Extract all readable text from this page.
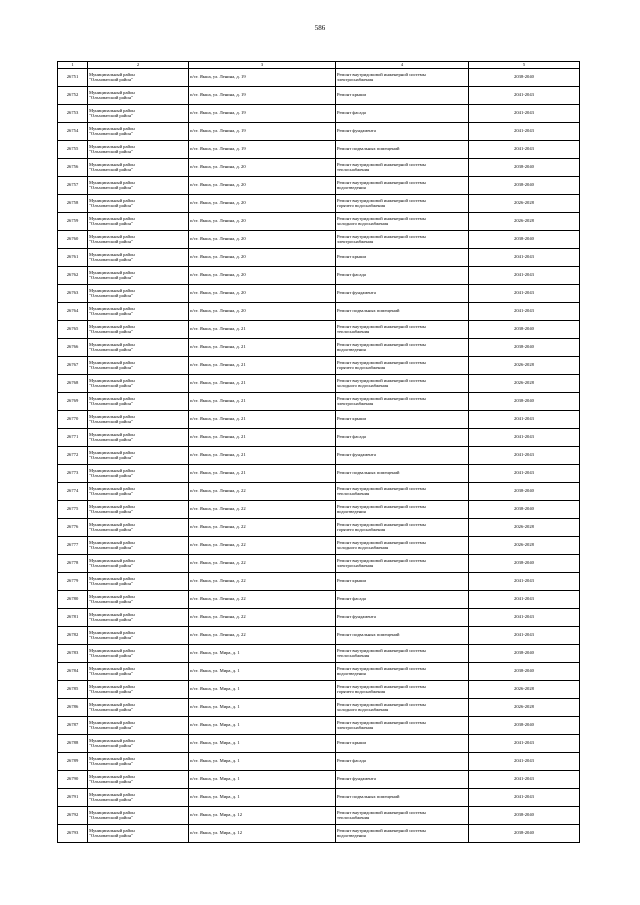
586
1	2	3	4	5
26751	Муниципальный район
"Ольховатский район"	п/ст. Якша, ул. Ленина, д. 19	Ремонт внутридомовой инженерной системы
электроснабжения	2038-2040
26752	Муниципальный район
"Ольховатский район"	п/ст. Якша, ул. Ленина, д. 19	Ремонт крыши	2041-2043
26753	Муниципальный район
"Ольховатский район"	п/ст. Якша, ул. Ленина, д. 19	Ремонт фасада	2041-2043
26754	Муниципальный район
"Ольховатский район"	п/ст. Якша, ул. Ленина, д. 19	Ремонт фундамента	2041-2043
26755	Муниципальный район
"Ольховатский район"	п/ст. Якша, ул. Ленина, д. 19	Ремонт подвальных помещений	2041-2043
26756	Муниципальный район
"Ольховатский район"	п/ст. Якша, ул. Ленина, д. 20	Ремонт внутридомовой инженерной системы
теплоснабжения	2038-2040
26757	Муниципальный район
"Ольховатский район"	п/ст. Якша, ул. Ленина, д. 20	Ремонт внутридомовой инженерной системы
водоотведения	2038-2040
26758	Муниципальный район
"Ольховатский район"	п/ст. Якша, ул. Ленина, д. 20	Ремонт внутридомовой инженерной системы
горячего водоснабжения	2026-2028
26759	Муниципальный район
"Ольховатский район"	п/ст. Якша, ул. Ленина, д. 20	Ремонт внутридомовой инженерной системы
холодного водоснабжения	2026-2028
26760	Муниципальный район
"Ольховатский район"	п/ст. Якша, ул. Ленина, д. 20	Ремонт внутридомовой инженерной системы
электроснабжения	2038-2040
26761	Муниципальный район
"Ольховатский район"	п/ст. Якша, ул. Ленина, д. 20	Ремонт крыши	2041-2043
26762	Муниципальный район
"Ольховатский район"	п/ст. Якша, ул. Ленина, д. 20	Ремонт фасада	2041-2043
26763	Муниципальный район
"Ольховатский район"	п/ст. Якша, ул. Ленина, д. 20	Ремонт фундамента	2041-2043
26764	Муниципальный район
"Ольховатский район"	п/ст. Якша, ул. Ленина, д. 20	Ремонт подвальных помещений	2041-2043
26765	Муниципальный район
"Ольховатский район"	п/ст. Якша, ул. Ленина, д. 21	Ремонт внутридомовой инженерной системы
теплоснабжения	2038-2040
26766	Муниципальный район
"Ольховатский район"	п/ст. Якша, ул. Ленина, д. 21	Ремонт внутридомовой инженерной системы
водоотведения	2038-2040
26767	Муниципальный район
"Ольховатский район"	п/ст. Якша, ул. Ленина, д. 21	Ремонт внутридомовой инженерной системы
горячего водоснабжения	2026-2028
26768	Муниципальный район
"Ольховатский район"	п/ст. Якша, ул. Ленина, д. 21	Ремонт внутридомовой инженерной системы
холодного водоснабжения	2026-2028
26769	Муниципальный район
"Ольховатский район"	п/ст. Якша, ул. Ленина, д. 21	Ремонт внутридомовой инженерной системы
электроснабжения	2038-2040
26770	Муниципальный район
"Ольховатский район"	п/ст. Якша, ул. Ленина, д. 21	Ремонт крыши	2041-2043
26771	Муниципальный район
"Ольховатский район"	п/ст. Якша, ул. Ленина, д. 21	Ремонт фасада	2041-2043
26772	Муниципальный район
"Ольховатский район"	п/ст. Якша, ул. Ленина, д. 21	Ремонт фундамента	2041-2043
26773	Муниципальный район
"Ольховатский район"	п/ст. Якша, ул. Ленина, д. 21	Ремонт подвальных помещений	2041-2043
26774	Муниципальный район
"Ольховатский район"	п/ст. Якша, ул. Ленина, д. 22	Ремонт внутридомовой инженерной системы
теплоснабжения	2038-2040
26775	Муниципальный район
"Ольховатский район"	п/ст. Якша, ул. Ленина, д. 22	Ремонт внутридомовой инженерной системы
водоотведения	2038-2040
26776	Муниципальный район
"Ольховатский район"	п/ст. Якша, ул. Ленина, д. 22	Ремонт внутридомовой инженерной системы
горячего водоснабжения	2026-2028
26777	Муниципальный район
"Ольховатский район"	п/ст. Якша, ул. Ленина, д. 22	Ремонт внутридомовой инженерной системы
холодного водоснабжения	2026-2028
26778	Муниципальный район
"Ольховатский район"	п/ст. Якша, ул. Ленина, д. 22	Ремонт внутридомовой инженерной системы
электроснабжения	2038-2040
26779	Муниципальный район
"Ольховатский район"	п/ст. Якша, ул. Ленина, д. 22	Ремонт крыши	2041-2043
26780	Муниципальный район
"Ольховатский район"	п/ст. Якша, ул. Ленина, д. 22	Ремонт фасада	2041-2043
26781	Муниципальный район
"Ольховатский район"	п/ст. Якша, ул. Ленина, д. 22	Ремонт фундамента	2041-2043
26782	Муниципальный район
"Ольховатский район"	п/ст. Якша, ул. Ленина, д. 22	Ремонт подвальных помещений	2041-2043
26783	Муниципальный район
"Ольховатский район"	п/ст. Якша, ул. Мира, д. 1	Ремонт внутридомовой инженерной системы
теплоснабжения	2038-2040
26784	Муниципальный район
"Ольховатский район"	п/ст. Якша, ул. Мира, д. 1	Ремонт внутридомовой инженерной системы
водоотведения	2038-2040
26785	Муниципальный район
"Ольховатский район"	п/ст. Якша, ул. Мира, д. 1	Ремонт внутридомовой инженерной системы
горячего водоснабжения	2026-2028
26786	Муниципальный район
"Ольховатский район"	п/ст. Якша, ул. Мира, д. 1	Ремонт внутридомовой инженерной системы
холодного водоснабжения	2026-2028
26787	Муниципальный район
"Ольховатский район"	п/ст. Якша, ул. Мира, д. 1	Ремонт внутридомовой инженерной системы
электроснабжения	2038-2040
26788	Муниципальный район
"Ольховатский район"	п/ст. Якша, ул. Мира, д. 1	Ремонт крыши	2041-2043
26789	Муниципальный район
"Ольховатский район"	п/ст. Якша, ул. Мира, д. 1	Ремонт фасада	2041-2043
26790	Муниципальный район
"Ольховатский район"	п/ст. Якша, ул. Мира, д. 1	Ремонт фундамента	2041-2043
26791	Муниципальный район
"Ольховатский район"	п/ст. Якша, ул. Мира, д. 1	Ремонт подвальных помещений	2041-2043
26792	Муниципальный район
"Ольховатский район"	п/ст. Якша, ул. Мира, д. 12	Ремонт внутридомовой инженерной системы
теплоснабжения	2038-2040
26793	Муниципальный район
"Ольховатский район"	п/ст. Якша, ул. Мира, д. 12	Ремонт внутридомовой инженерной системы
водоотведения	2038-2040
